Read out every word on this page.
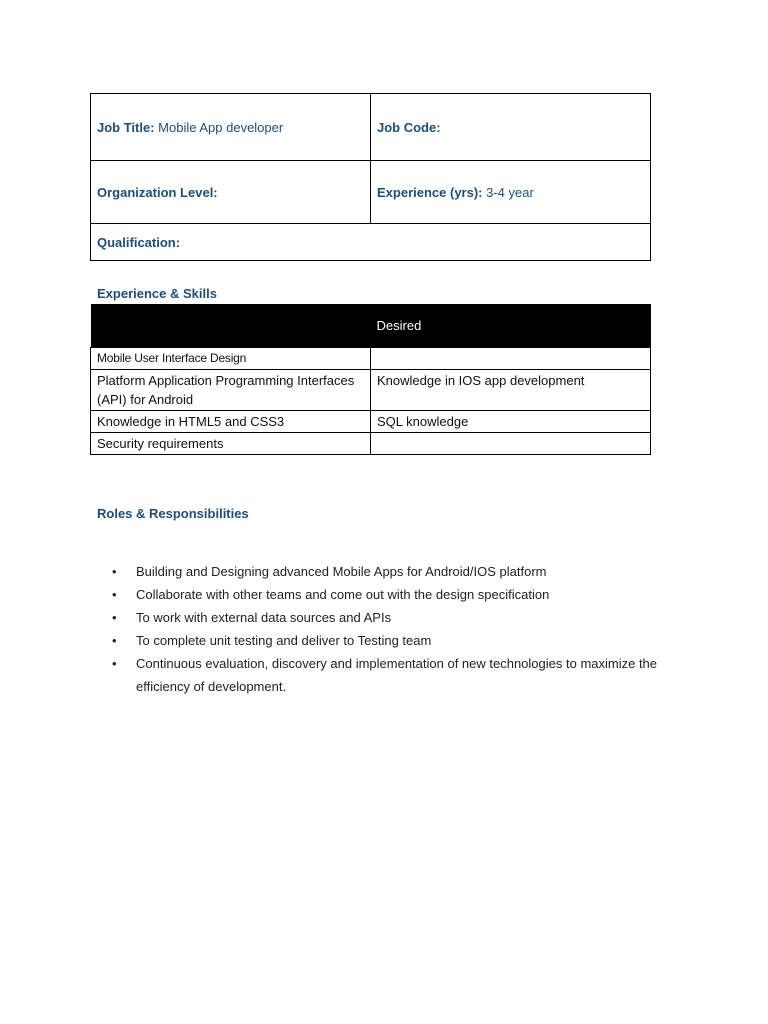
Job Title: Mobile App developer	Job Code:
Organization Level:	Experience (yrs): 3-4 year
Qualification:	
Experience & Skills
	Desired
Mobile User Interface Design	
Platform Application Programming Interfaces (API) for Android	Knowledge in IOS app development
Knowledge in HTML5 and CSS3	SQL knowledge
Security requirements	
Roles & Responsibilities
•	Building and Designing advanced Mobile Apps for Android/IOS platform
•	Collaborate with other teams and come out with the design specification
•	To work with external data sources and APIs
•	To complete unit testing and deliver to Testing team
•	Continuous evaluation, discovery and implementation of new technologies to maximize the efficiency of development.
